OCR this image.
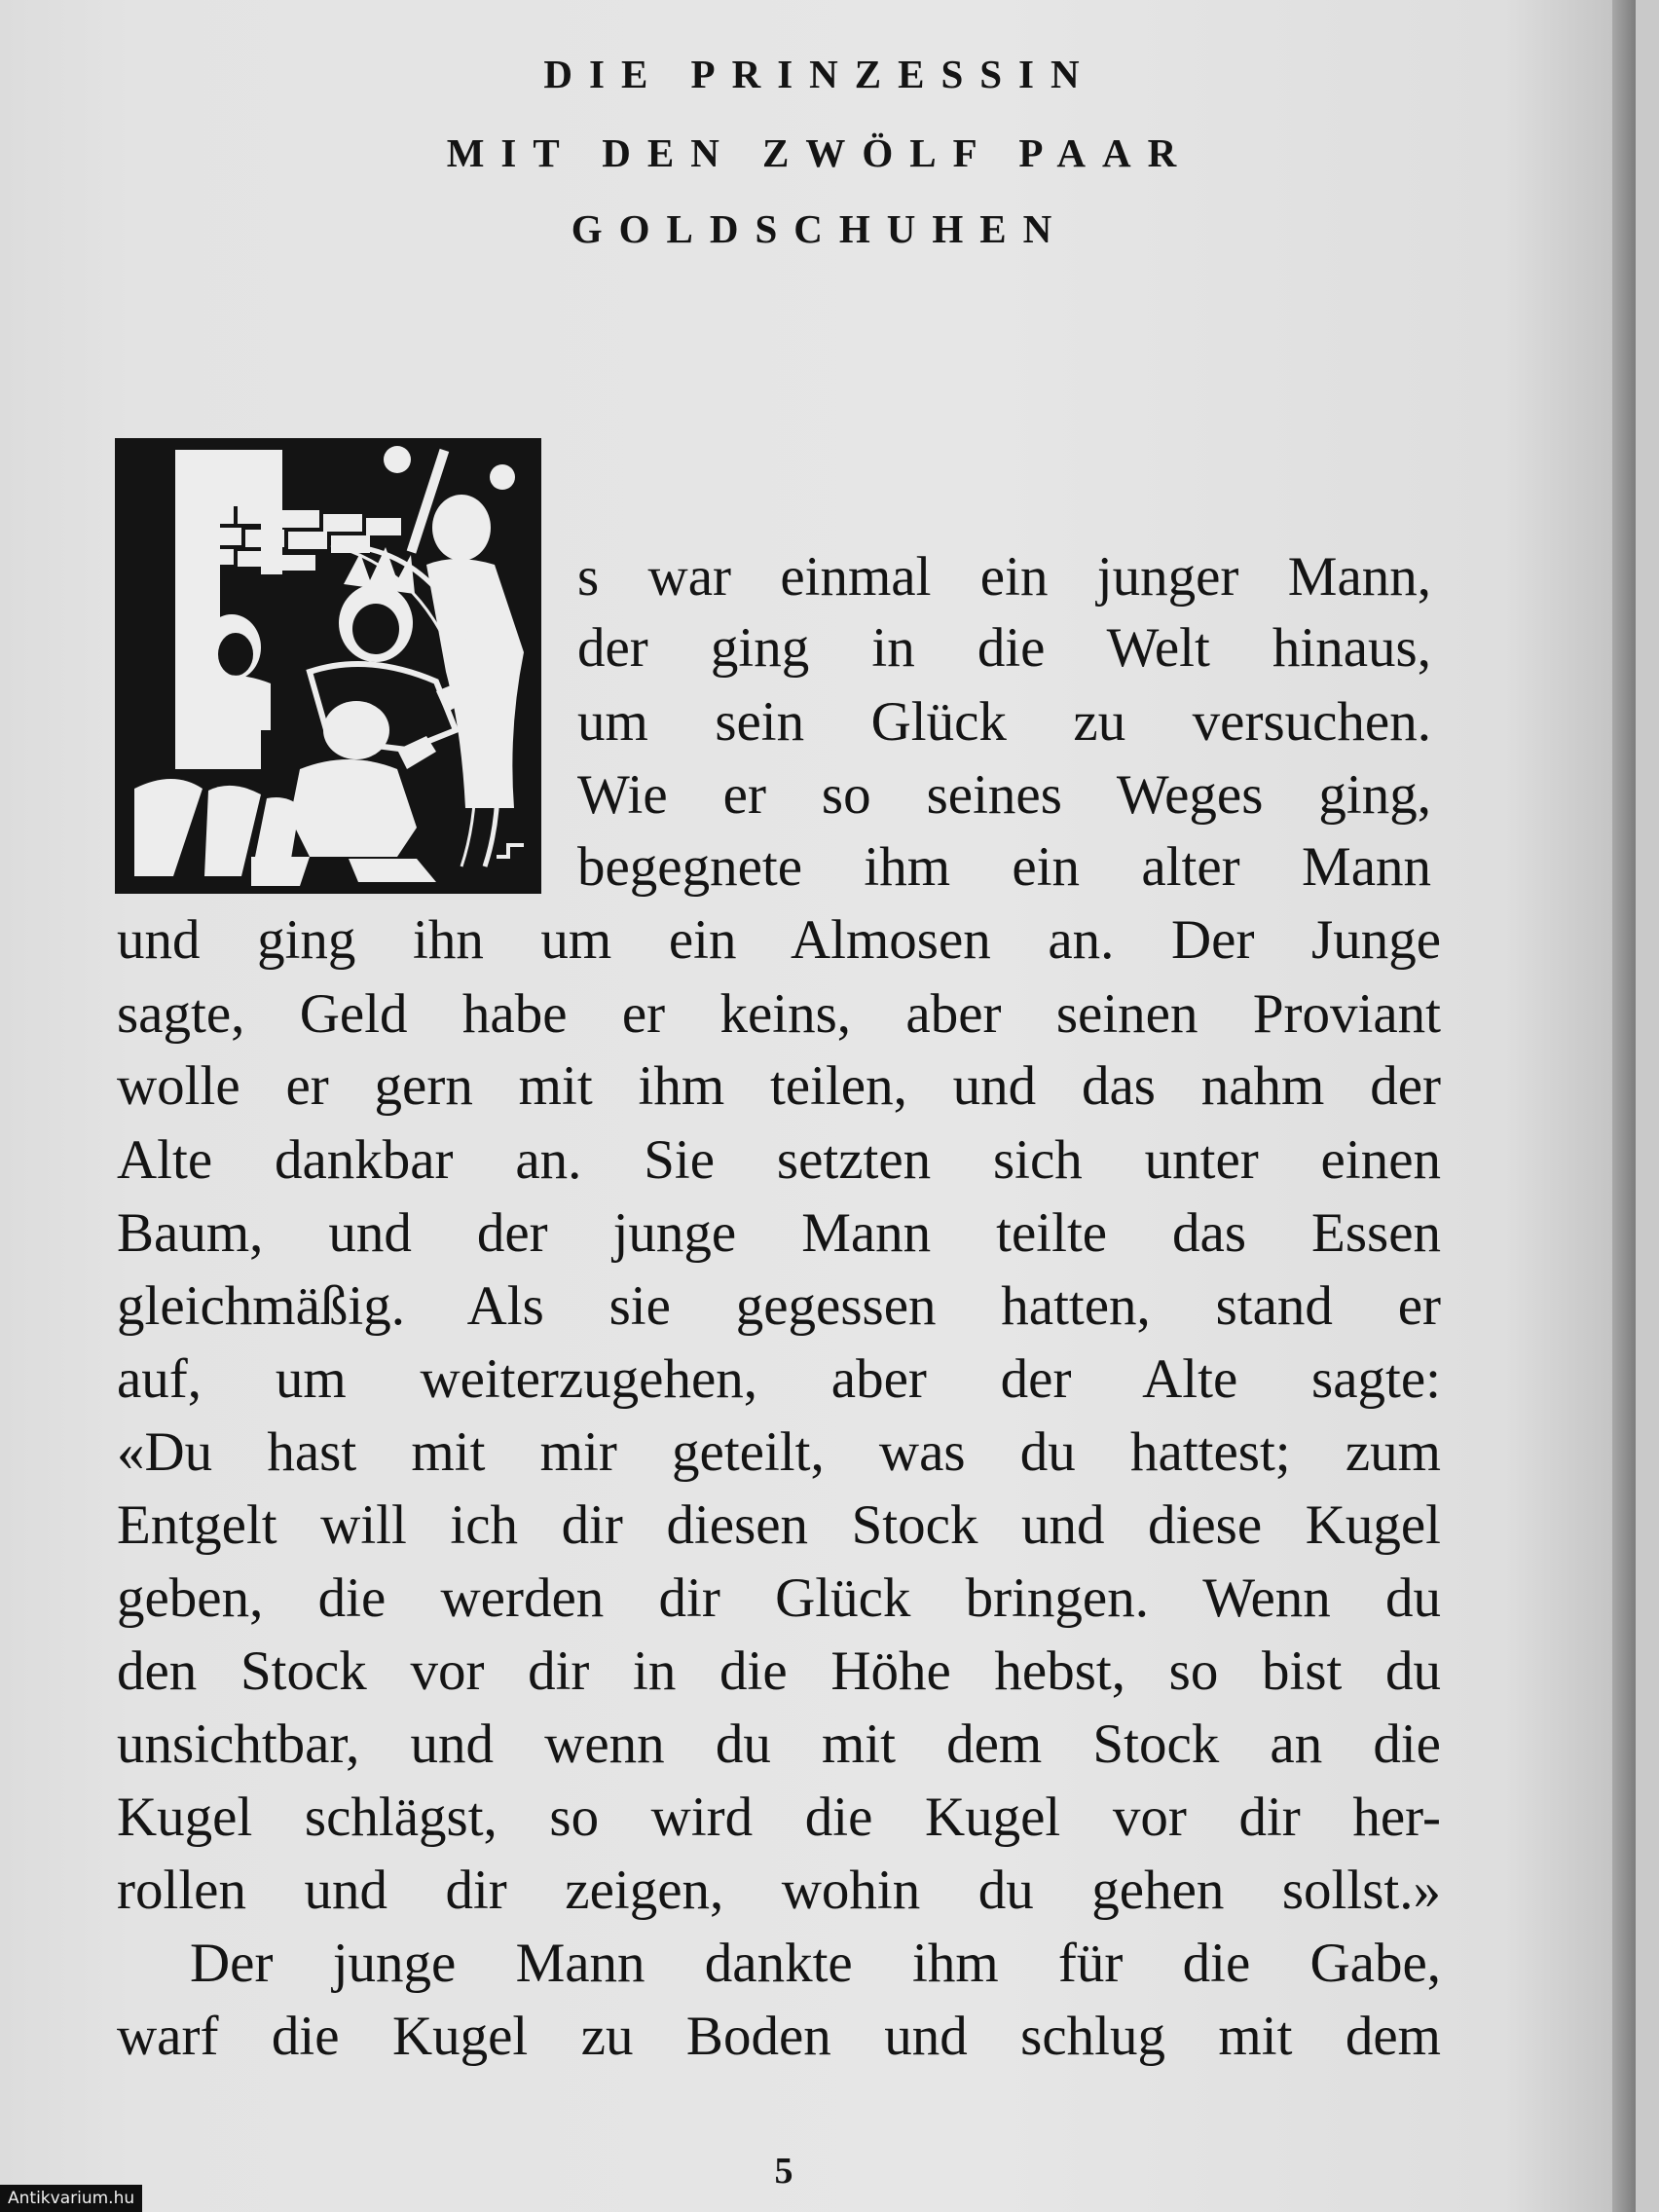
DIE PRINZESSIN
MIT DEN ZWÖLF PAAR
GOLDSCHUHEN

s war einmal ein junger Mann,

der ging in die Welt hinaus,

um sein Glück zu versuchen.

Wie er so seines Weges ging,

begegnete ihm ein alter Mann

und ging ihn um ein Almosen an. Der Junge

sagte, Geld habe er keins, aber seinen Proviant

wolle er gern mit ihm teilen, und das nahm der

Alte dankbar an. Sie setzten sich unter einen

Baum, und der junge Mann teilte das Essen

gleichmäßig. Als sie gegessen hatten, stand er

auf, um weiterzugehen, aber der Alte sagte:

«Du hast mit mir geteilt, was du hattest; zum

Entgelt will ich dir diesen Stock und diese Kugel

geben, die werden dir Glück bringen. Wenn du

den Stock vor dir in die Höhe hebst, so bist du

unsichtbar, und wenn du mit dem Stock an die

Kugel schlägst, so wird die Kugel vor dir her-

rollen und dir zeigen, wohin du gehen sollst.»

Der junge Mann dankte ihm für die Gabe,

warf die Kugel zu Boden und schlug mit dem

5
Antikvarium.hu
